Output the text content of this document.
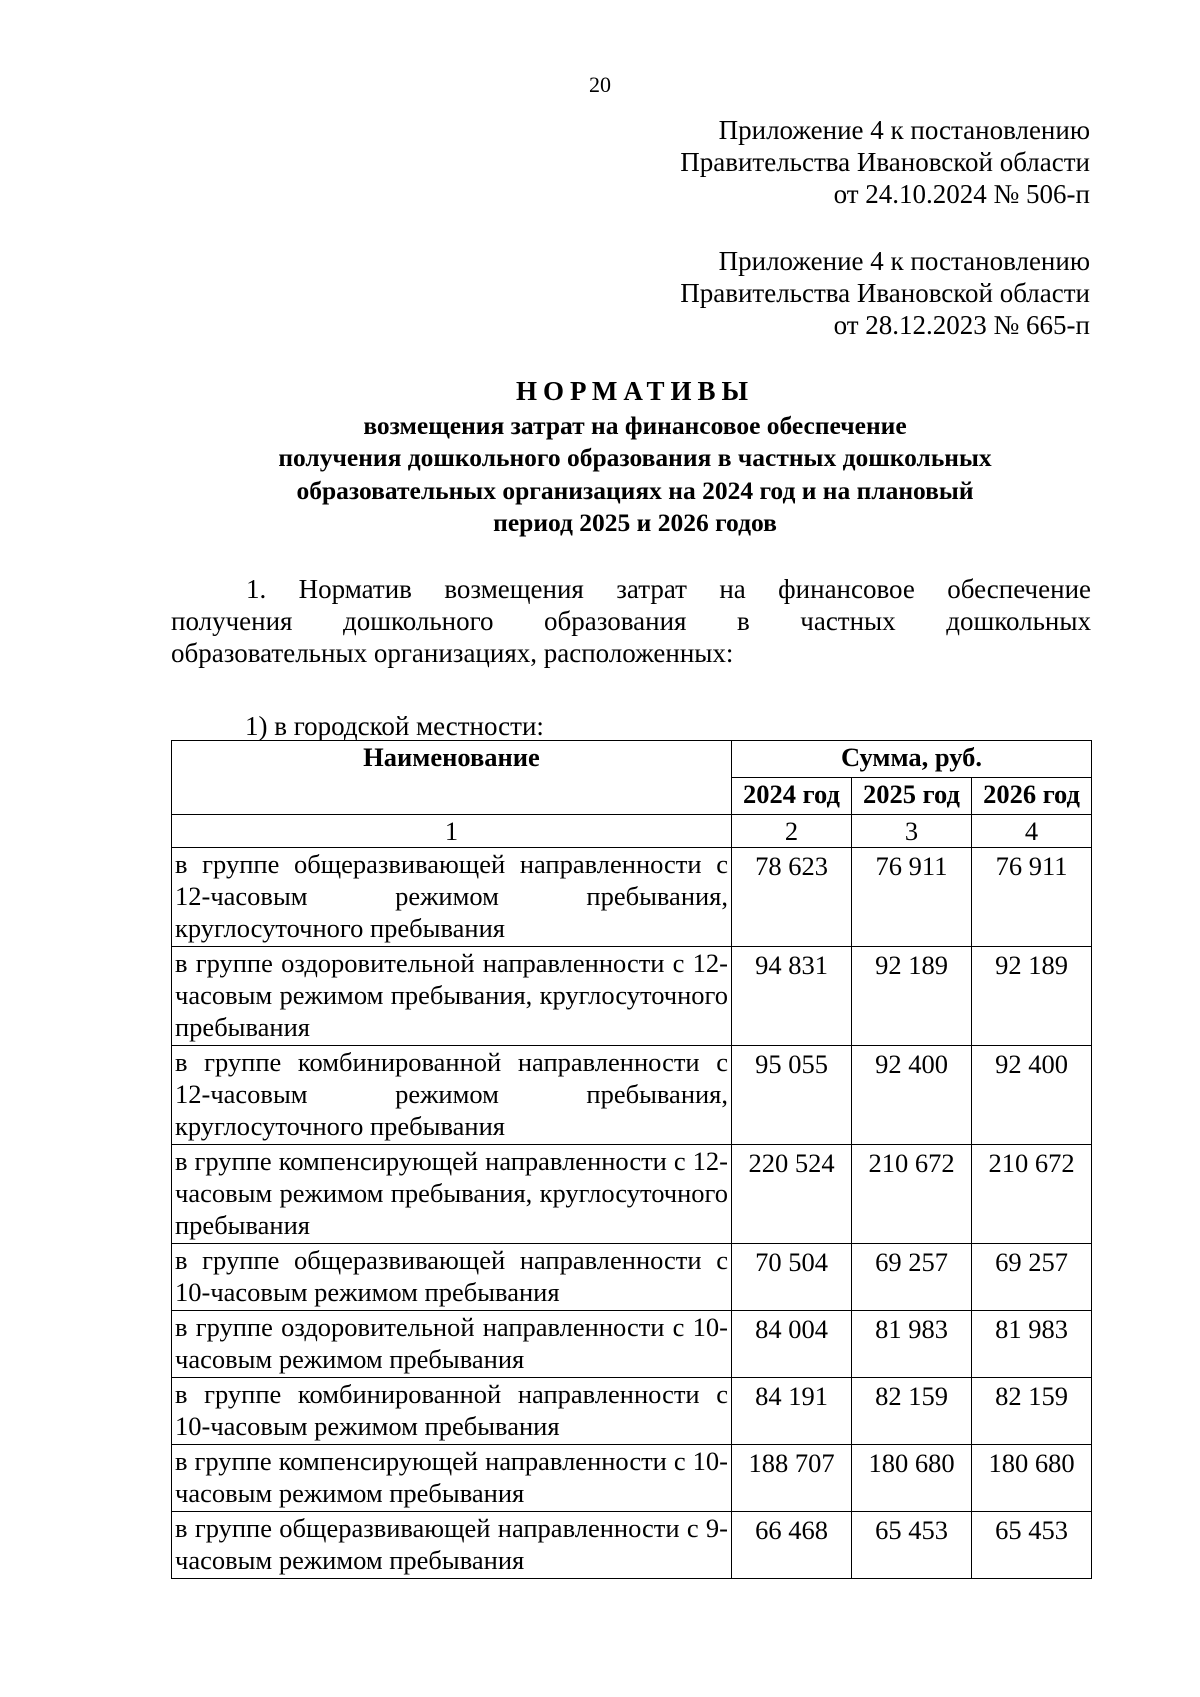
20
Приложение 4 к постановлению
Правительства Ивановской области
от 24.10.2024 № 506-п
Приложение 4 к постановлению
Правительства Ивановской области
от 28.12.2023 № 665-п
НОРМАТИВЫ
возмещения затрат на финансовое обеспечение
получения дошкольного образования в частных дошкольных
образовательных организациях на 2024 год и на плановый
период 2025 и 2026 годов

1. Норматив возмещения затрат на финансовое обеспечение

получения дошкольного образования в частных дошкольных

образовательных организациях, расположенных:

1) в городской местности:
Наименование	Сумма, руб.		
	2024 год	2025 год	2026 год
1	2	3	4
в группе общеразвивающей направленности с 12-часовым режимом пребывания, круглосуточного пребывания	78 623	76 911	76 911
в группе оздоровительной направленности с 12-часовым режимом пребывания, круглосуточного пребывания	94 831	92 189	92 189
в группе комбинированной направленности с 12-часовым режимом пребывания, круглосуточного пребывания	95 055	92 400	92 400
в группе компенсирующей направленности с 12-часовым режимом пребывания, круглосуточного пребывания	220 524	210 672	210 672
в группе общеразвивающей направленности с 10-часовым режимом пребывания	70 504	69 257	69 257
в группе оздоровительной направленности с 10-часовым режимом пребывания	84 004	81 983	81 983
в группе комбинированной направленности с 10-часовым режимом пребывания	84 191	82 159	82 159
в группе компенсирующей направленности с 10-часовым режимом пребывания	188 707	180 680	180 680
в группе общеразвивающей направленности с 9-часовым режимом пребывания	66 468	65 453	65 453
